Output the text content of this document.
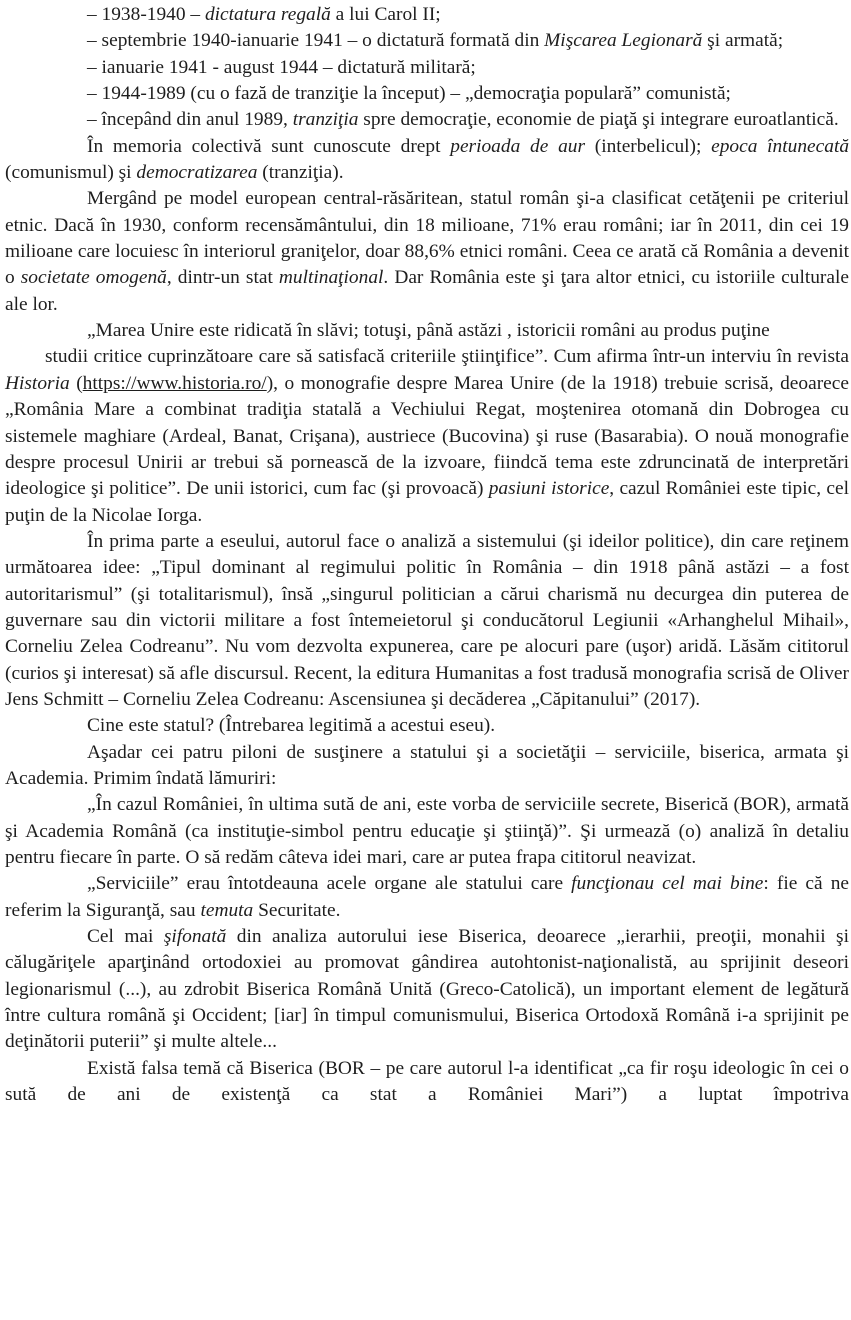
– 1938-1940 – dictatura regală a lui Carol II;

– septembrie 1940-ianuarie 1941 – o dictatură formată din Mişcarea Legionară şi armată;

– ianuarie 1941 - august 1944 – dictatură militară;

– 1944-1989 (cu o fază de tranziţie la început) – „democraţia populară” comunistă;

– începând din anul 1989, tranziţia spre democraţie, economie de piaţă şi integrare euroatlantică.

În memoria colectivă sunt cunoscute drept perioada de aur (interbelicul); epoca întunecată (comunismul) şi democratizarea (tranziţia).

Mergând pe model european central-răsăritean, statul român şi-a clasificat cetăţenii pe criteriul etnic. Dacă în 1930, conform recensământului, din 18 milioane, 71% erau români; iar în 2011, din cei 19 milioane care locuiesc în interiorul graniţelor, doar 88,6% etnici români. Ceea ce arată că România a devenit o societate omogenă, dintr-un stat multinaţional. Dar România este şi ţara altor etnici, cu istoriile culturale ale lor.

„Marea Unire este ridicată în slăvi; totuşi, până astăzi , istoricii români au produs puţine

studii critice cuprinzătoare care să satisfacă criteriile ştiinţifice”. Cum afirma într-un interviu în revista Historia (https://www.historia.ro/), o monografie despre Marea Unire (de la 1918) trebuie scrisă, deoarece „România Mare a combinat tradiţia statală a Vechiului Regat, moştenirea otomană din Dobrogea cu sistemele maghiare (Ardeal, Banat, Crişana), austriece (Bucovina) şi ruse (Basarabia). O nouă monografie despre procesul Unirii ar trebui să pornească de la izvoare, fiindcă tema este zdruncinată de interpretări ideologice şi politice”. De unii istorici, cum fac (şi provoacă) pasiuni istorice, cazul României este tipic, cel puţin de la Nicolae Iorga.

În prima parte a eseului, autorul face o analiză a sistemului (şi ideilor politice), din care reţinem următoarea idee: „Tipul dominant al regimului politic în România – din 1918 până astăzi – a fost autoritarismul” (şi totalitarismul), însă „singurul politician a cărui charismă nu decurgea din puterea de guvernare sau din victorii militare a fost întemeietorul şi conducătorul Legiunii «Arhanghelul Mihail», Corneliu Zelea Codreanu”. Nu vom dezvolta expunerea, care pe alocuri pare (uşor) aridă. Lăsăm cititorul (curios şi interesat) să afle discursul. Recent, la editura Humanitas a fost tradusă monografia scrisă de Oliver Jens Schmitt – Corneliu Zelea Codreanu: Ascensiunea şi decăderea „Căpitanului” (2017).

Cine este statul? (Întrebarea legitimă a acestui eseu).

Aşadar cei patru piloni de susţinere a statului şi a societăţii – serviciile, biserica, armata şi Academia. Primim îndată lămuriri:

„În cazul României, în ultima sută de ani, este vorba de serviciile secrete, Biserică (BOR), armată şi Academia Română (ca instituţie-simbol pentru educaţie şi ştiinţă)”. Şi urmează (o) analiză în detaliu pentru fiecare în parte. O să redăm câteva idei mari, care ar putea frapa cititorul neavizat.

„Serviciile” erau întotdeauna acele organe ale statului care funcţionau cel mai bine: fie că ne referim la Siguranţă, sau temuta Securitate.

Cel mai şifonată din analiza autorului iese Biserica, deoarece „ierarhii, preoţii, monahii şi călugăriţele aparţinând ortodoxiei au promovat gândirea autohtonist-naţionalistă, au sprijinit deseori legionarismul (...), au zdrobit Biserica Română Unită (Greco-Catolică), un important element de legătură între cultura română şi Occident; [iar] în timpul comunismului, Biserica Ortodoxă Română i-a sprijinit pe deţinătorii puterii” şi multe altele...

Există falsa temă că Biserica (BOR – pe care autorul l-a identificat „ca fir roşu ideologic în cei o sută de ani de existenţă ca stat a României Mari”) a luptat împotriva
